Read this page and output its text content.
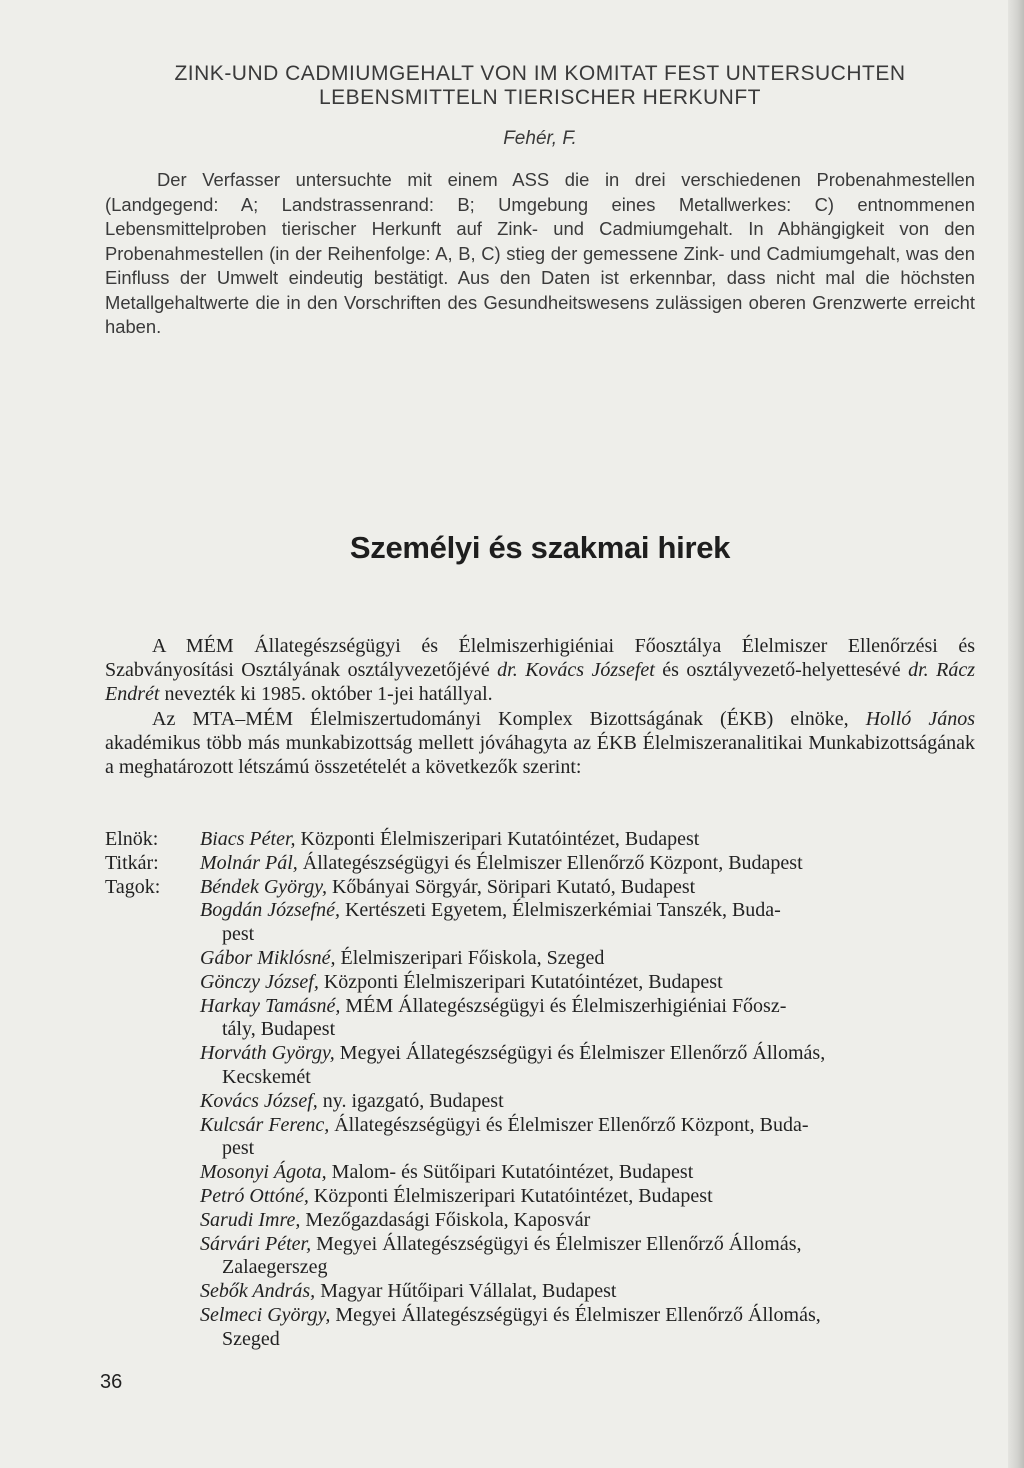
ZINK-UND CADMIUMGEHALT VON IM KOMITAT FEST UNTERSUCHTEN
LEBENSMITTELN TIERISCHER HERKUNFT
Fehér, F.
Der Verfasser untersuchte mit einem ASS die in drei verschiedenen Probenahmestellen (Landgegend: A; Landstrassenrand: B; Umgebung eines Metallwerkes: C) entnommenen Lebensmittelproben tierischer Herkunft auf Zink- und Cadmiumgehalt. In Abhängigkeit von den Probenahmestellen (in der Reihenfolge: A, B, C) stieg der gemessene Zink- und Cadmiumgehalt, was den Einfluss der Umwelt eindeutig bestätigt. Aus den Daten ist erkennbar, dass nicht mal die höchsten Metallgehaltwerte die in den Vorschriften des Gesundheitswesens zulässigen oberen Grenzwerte erreicht haben.
Személyi és szakmai hirek

A MÉM Állategészségügyi és Élelmiszerhigiéniai Főosztálya Élelmiszer Ellenőrzési és Szabványosítási Osztályának osztályvezetőjévé dr. Kovács Józsefet és osztályvezető-helyettesévé dr. Rácz Endrét nevezték ki 1985. október 1-jei hatállyal.

Az MTA–MÉM Élelmiszertudományi Komplex Bizottságának (ÉKB) elnöke, Holló János akadémikus több más munkabizottság mellett jóváhagyta az ÉKB Élelmiszeranalitikai Munkabizottságának a meghatározott létszámú összetételét a következők szerint:

Elnök:	Biacs Péter, Központi Élelmiszeripari Kutatóintézet, Budapest
Titkár:	Molnár Pál, Állategészségügyi és Élelmiszer Ellenőrző Központ, Budapest
Tagok:	Béndek György, Kőbányai Sörgyár, Söripari Kutató, Budapest
Bogdán Józsefné, Kertészeti Egyetem, Élelmiszerkémiai Tanszék, Buda-
pest
Gábor Miklósné, Élelmiszeripari Főiskola, Szeged
Gönczy József, Központi Élelmiszeripari Kutatóintézet, Budapest
Harkay Tamásné, MÉM Állategészségügyi és Élelmiszerhigiéniai Főosz-
tály, Budapest
Horváth György, Megyei Állategészségügyi és Élelmiszer Ellenőrző Állomás,
Kecskemét
Kovács József, ny. igazgató, Budapest
Kulcsár Ferenc, Állategészségügyi és Élelmiszer Ellenőrző Központ, Buda-
pest
Mosonyi Ágota, Malom- és Sütőipari Kutatóintézet, Budapest
Petró Ottóné, Központi Élelmiszeripari Kutatóintézet, Budapest
Sarudi Imre, Mezőgazdasági Főiskola, Kaposvár
Sárvári Péter, Megyei Állategészségügyi és Élelmiszer Ellenőrző Állomás,
Zalaegerszeg
Sebők András, Magyar Hűtőipari Vállalat, Budapest
Selmeci György, Megyei Állategészségügyi és Élelmiszer Ellenőrző Állomás,
Szeged
36
